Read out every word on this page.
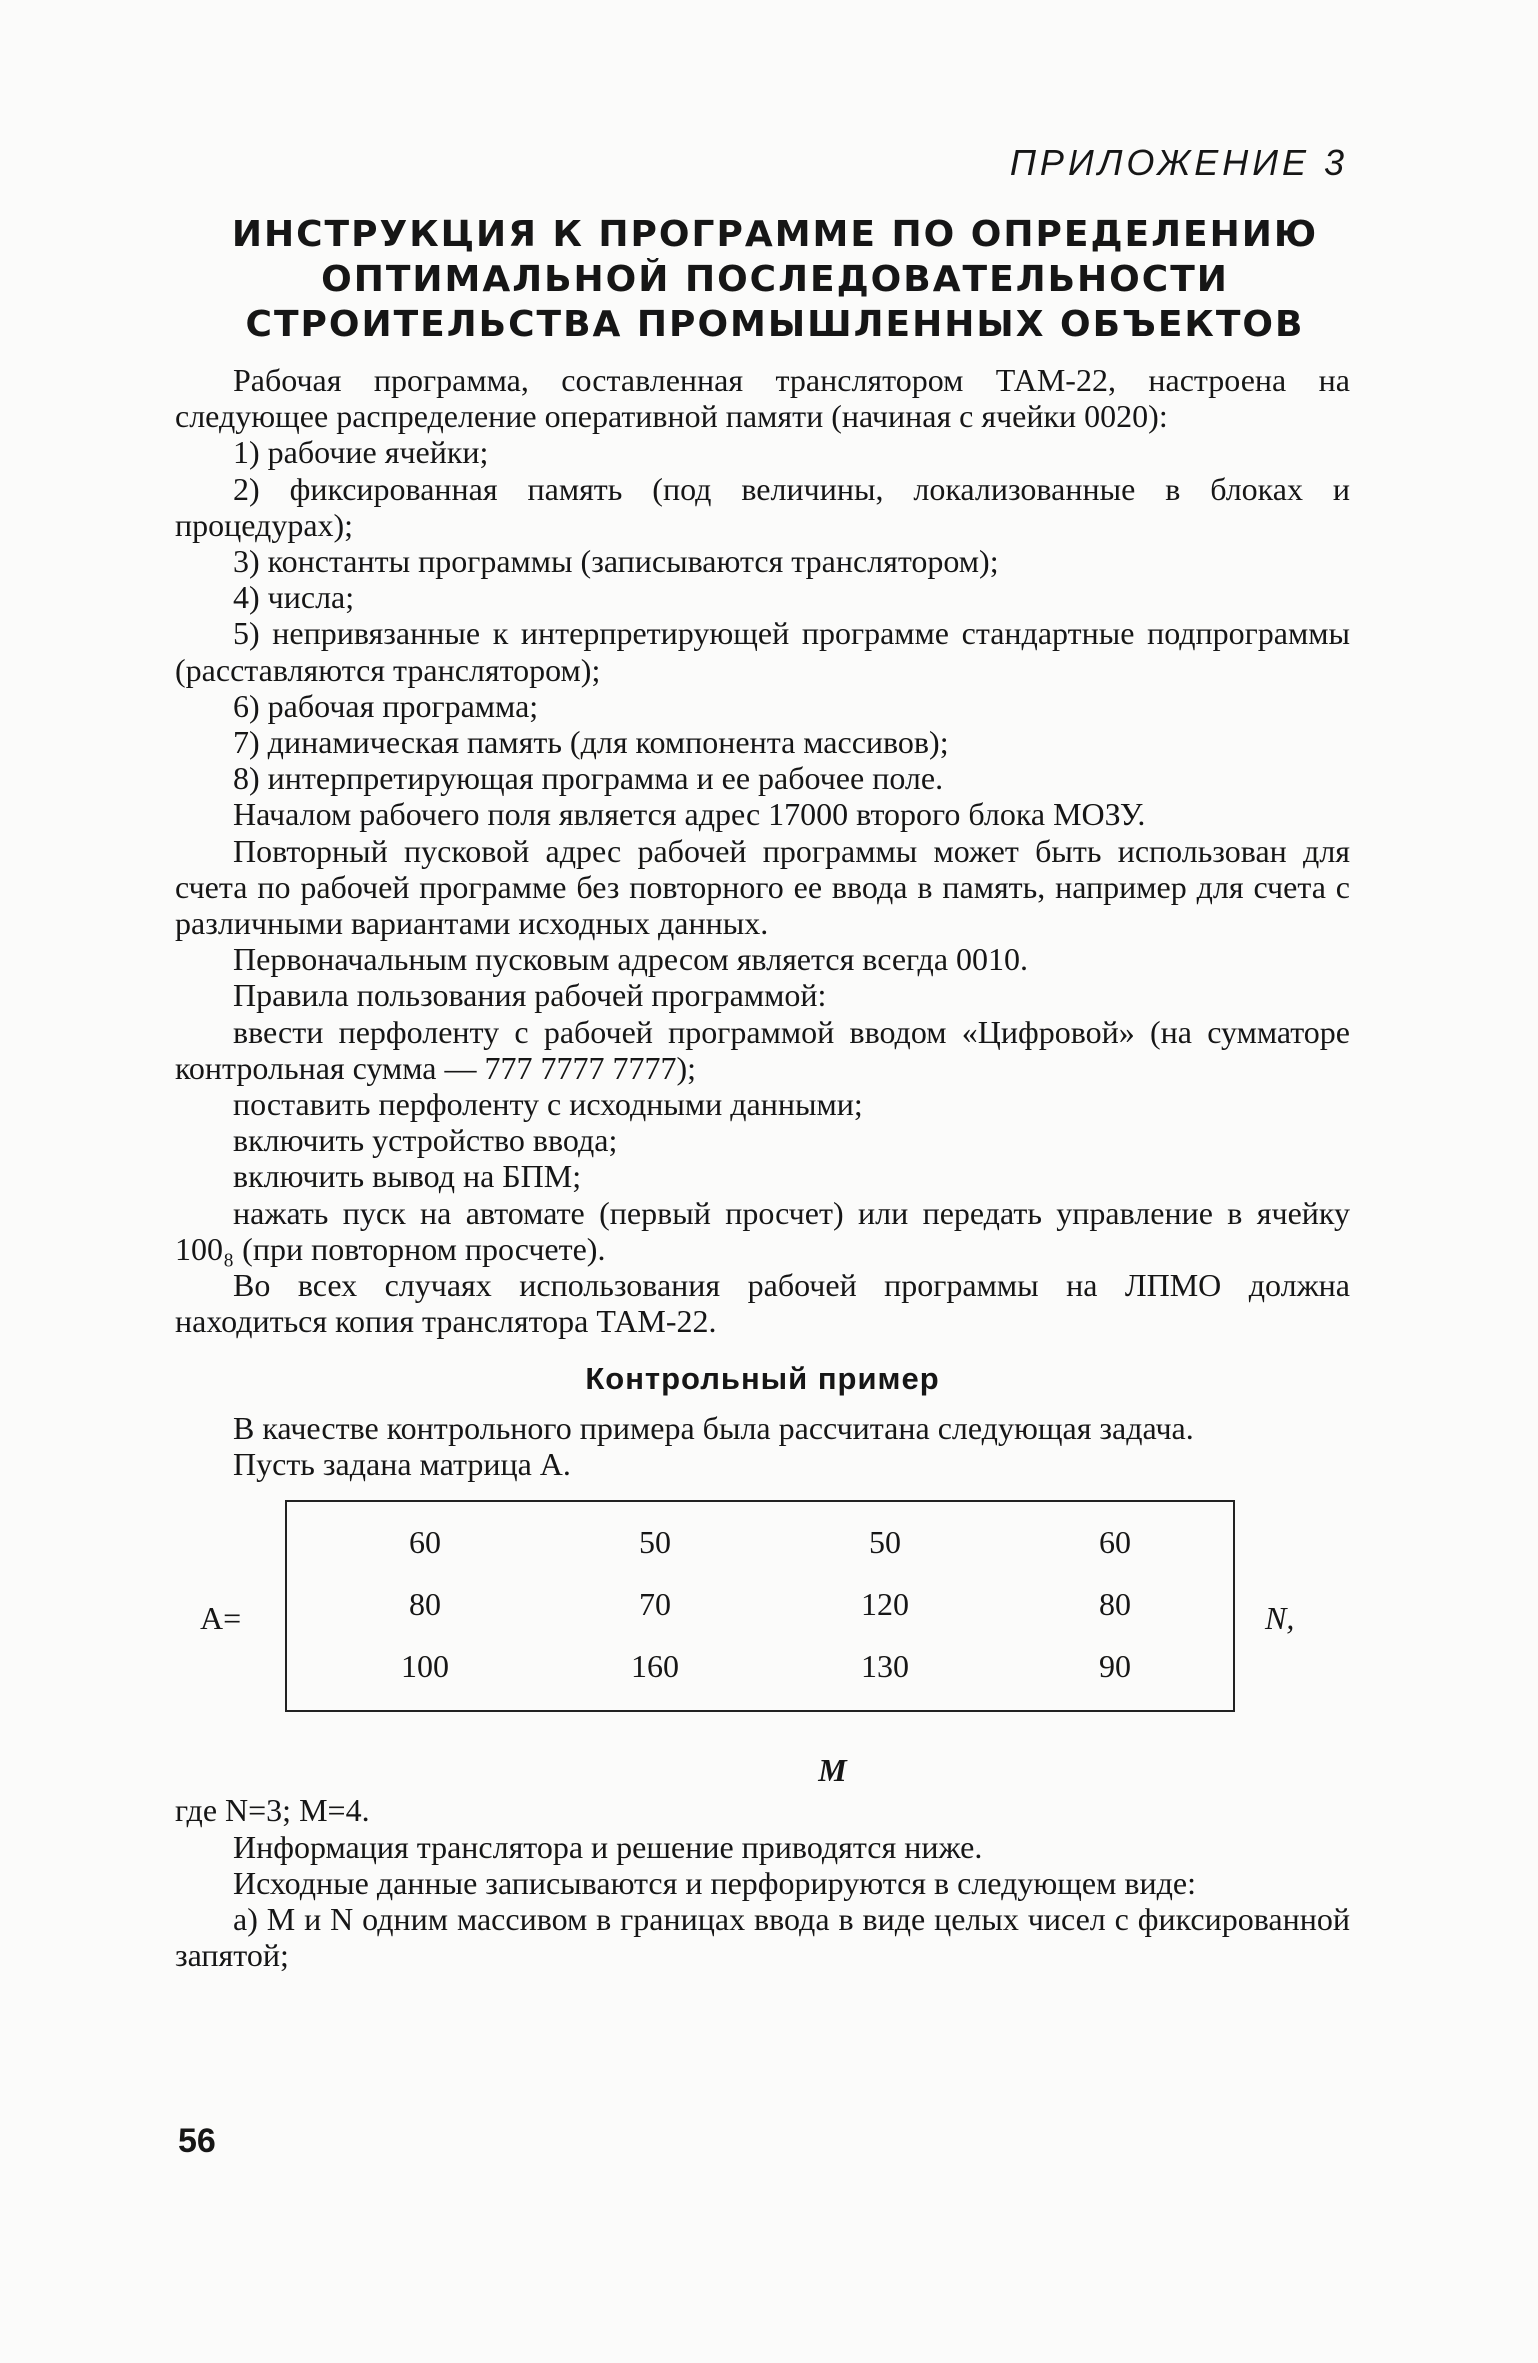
ПРИЛОЖЕНИЕ 3
ИНСТРУКЦИЯ К ПРОГРАММЕ ПО ОПРЕДЕЛЕНИЮ
ОПТИМАЛЬНОЙ ПОСЛЕДОВАТЕЛЬНОСТИ
СТРОИТЕЛЬСТВА ПРОМЫШЛЕННЫХ ОБЪЕКТОВ

Рабочая программа, составленная транслятором ТАМ-22, настроена на следующее распределение оперативной памяти (начиная с ячейки 0020):

1) рабочие ячейки;

2) фиксированная память (под величины, локализованные в блоках и процедурах);

3) константы программы (записываются транслятором);

4) числа;

5) непривязанные к интерпретирующей программе стандартные подпрограммы (расставляются транслятором);

6) рабочая программа;

7) динамическая память (для компонента массивов);

8) интерпретирующая программа и ее рабочее поле.

Началом рабочего поля является адрес 17000 второго блока МОЗУ.

Повторный пусковой адрес рабочей программы может быть использован для счета по рабочей программе без повторного ее ввода в память, например для счета с различными вариантами исходных данных.

Первоначальным пусковым адресом является всегда 0010.

Правила пользования рабочей программой:

ввести перфоленту с рабочей программой вводом «Цифровой» (на сумматоре контрольная сумма — 777 7777 7777);

поставить перфоленту с исходными данными;

включить устройство ввода;

включить вывод на БПМ;

нажать пуск на автомате (первый просчет) или передать управление в ячейку 100₈ (при повторном просчете).

Во всех случаях использования рабочей программы на ЛПМО должна находиться копия транслятора ТАМ-22.

Контрольный пример

В качестве контрольного примера была рассчитана следующая задача.

Пусть задана матрица А.

А=
60	50	50	60
80	70	120	80
100	160	130	90
N,
M

где N=3; M=4.

Информация транслятора и решение приводятся ниже.

Исходные данные записываются и перфорируются в следующем виде:

а) M и N одним массивом в границах ввода в виде целых чисел с фиксированной запятой;

56
